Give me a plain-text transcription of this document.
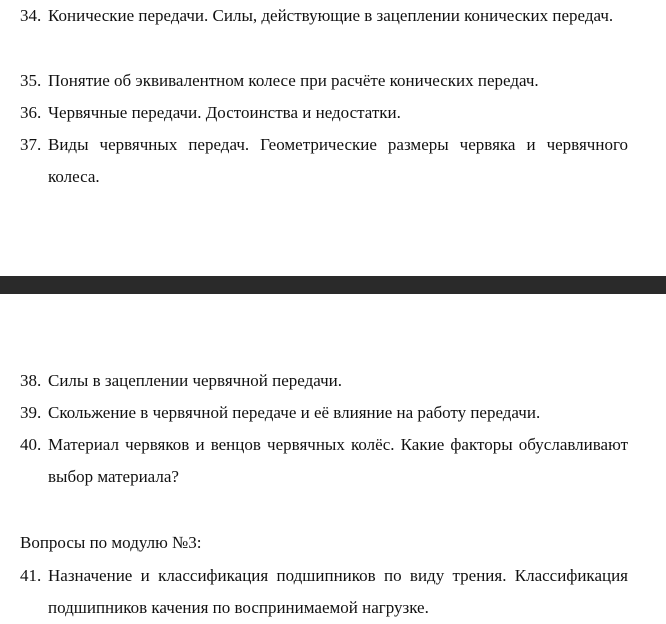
34. Конические передачи. Силы, действующие в зацеплении конических передач.
35. Понятие об эквивалентном колесе при расчёте конических передач.
36. Червячные передачи. Достоинства и недостатки.
37. Виды червячных передач. Геометрические размеры червяка и червячного колеса.
38. Силы в зацеплении червячной передачи.
39. Скольжение в червячной передаче и её влияние на работу передачи.
40. Материал червяков и венцов червячных колёс. Какие факторы обуславливают выбор материала?
Вопросы по модулю №3:
41. Назначение и классификация подшипников по виду трения. Классификация подшипников качения по воспринимаемой нагрузке.
